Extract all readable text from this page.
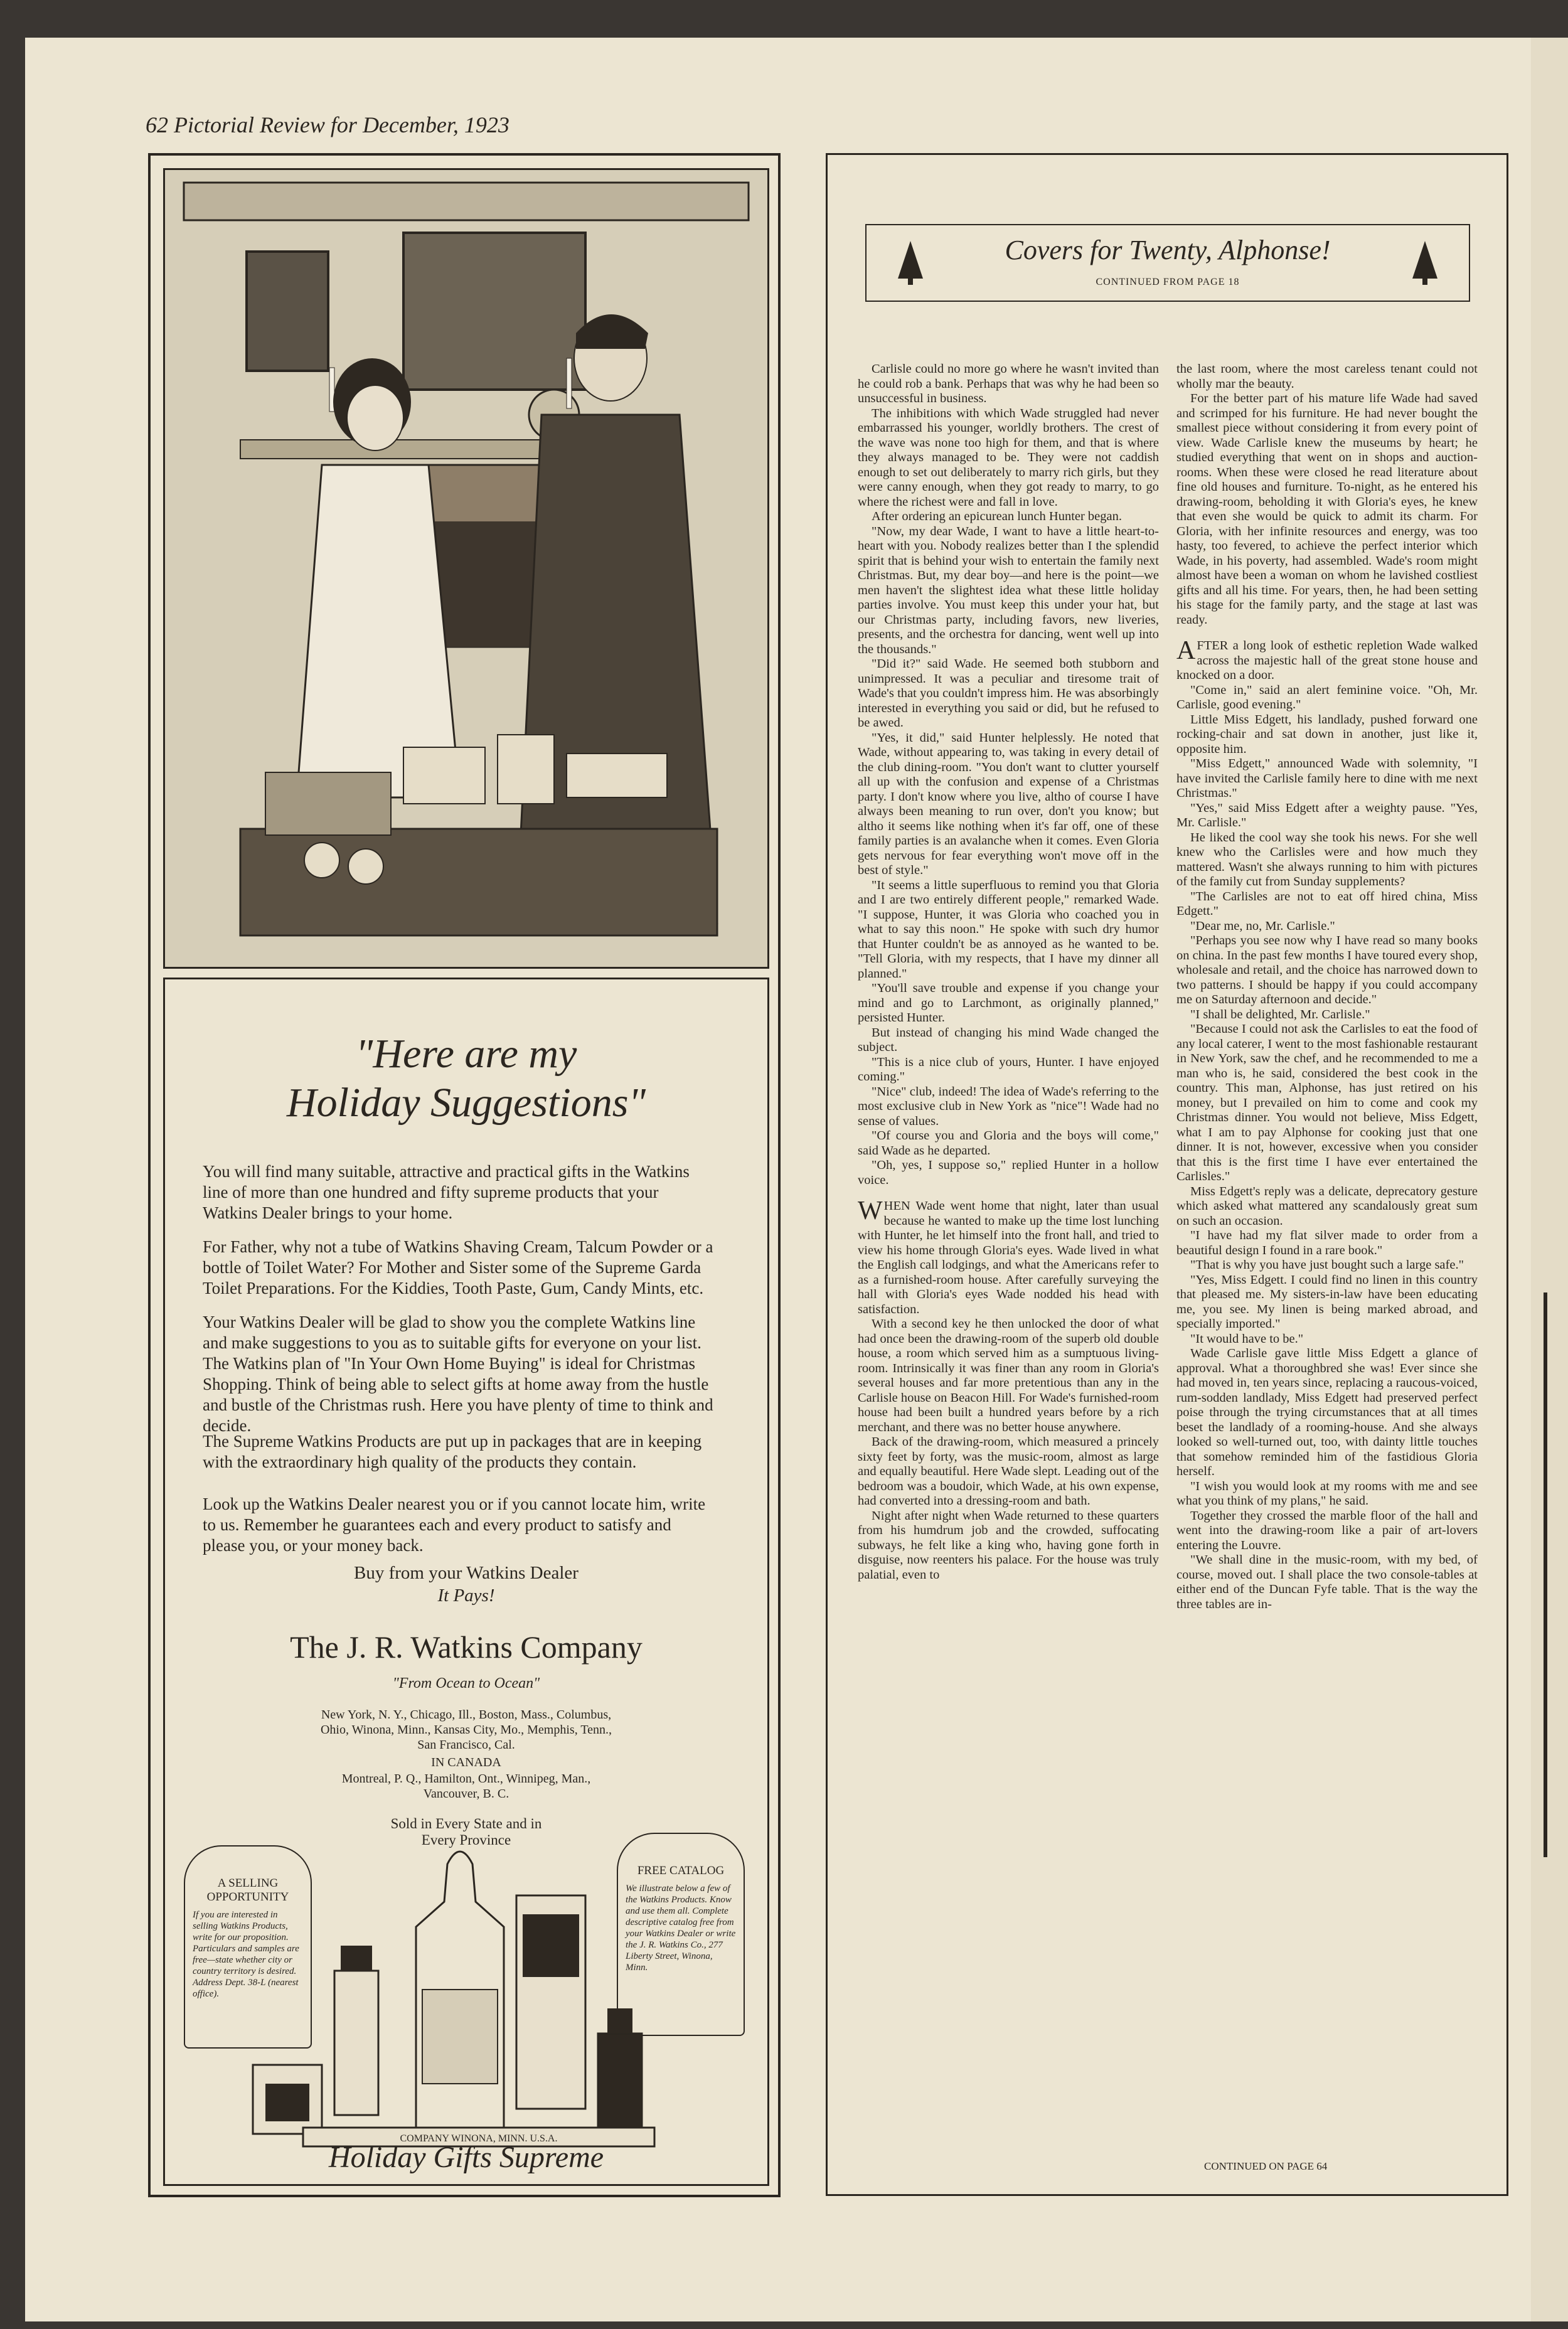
62 Pictorial Review for December, 1923
"Here are my
Holiday Suggestions"
You will find many suitable, attractive and practical gifts in the Watkins line of more than one hundred and fifty supreme products that your Watkins Dealer brings to your home.
For Father, why not a tube of Watkins Shaving Cream, Talcum Powder or a bottle of Toilet Water? For Mother and Sister some of the Supreme Garda Toilet Preparations. For the Kiddies, Tooth Paste, Gum, Candy Mints, etc.
Your Watkins Dealer will be glad to show you the complete Watkins line and make suggestions to you as to suitable gifts for everyone on your list. The Watkins plan of "In Your Own Home Buying" is ideal for Christmas Shopping. Think of being able to select gifts at home away from the hustle and bustle of the Christmas rush. Here you have plenty of time to think and decide.
The Supreme Watkins Products are put up in packages that are in keeping with the extraordinary high quality of the products they contain.
Look up the Watkins Dealer nearest you or if you cannot locate him, write to us. Remember he guarantees each and every product to satisfy and please you, or your money back.
Buy from your Watkins Dealer
It Pays!
The J. R. Watkins Company
"From Ocean to Ocean"
New York, N. Y., Chicago, Ill., Boston, Mass., Columbus,
Ohio, Winona, Minn., Kansas City, Mo., Memphis, Tenn.,
San Francisco, Cal.
IN CANADA
Montreal, P. Q., Hamilton, Ont., Winnipeg, Man.,
Vancouver, B. C.
Sold in Every State and in
Every Province
A SELLING OPPORTUNITY
If you are interested in selling Watkins Products, write for our proposition. Particulars and samples are free—state whether city or country territory is desired. Address Dept. 38-L (nearest office).
FREE CATALOG
We illustrate below a few of the Watkins Products. Know and use them all. Complete descriptive catalog free from your Watkins Dealer or write the J. R. Watkins Co., 277 Liberty Street, Winona, Minn.
COMPANY WINONA, MINN. U.S.A.
Holiday Gifts Supreme
Covers for Twenty, Alphonse!
CONTINUED FROM PAGE 18

Carlisle could no more go where he wasn't invited than he could rob a bank. Perhaps that was why he had been so unsuccessful in business.

The inhibitions with which Wade struggled had never embarrassed his younger, worldly brothers. The crest of the wave was none too high for them, and that is where they always managed to be. They were not caddish enough to set out deliberately to marry rich girls, but they were canny enough, when they got ready to marry, to go where the richest were and fall in love.

After ordering an epicurean lunch Hunter began.

"Now, my dear Wade, I want to have a little heart-to-heart with you. Nobody realizes better than I the splendid spirit that is behind your wish to entertain the family next Christmas. But, my dear boy—and here is the point—we men haven't the slightest idea what these little holiday parties involve. You must keep this under your hat, but our Christmas party, including favors, new liveries, presents, and the orchestra for dancing, went well up into the thousands."

"Did it?" said Wade. He seemed both stubborn and unimpressed. It was a peculiar and tiresome trait of Wade's that you couldn't impress him. He was absorbingly interested in everything you said or did, but he refused to be awed.

"Yes, it did," said Hunter helplessly. He noted that Wade, without appearing to, was taking in every detail of the club dining-room. "You don't want to clutter yourself all up with the confusion and expense of a Christmas party. I don't know where you live, altho of course I have always been meaning to run over, don't you know; but altho it seems like nothing when it's far off, one of these family parties is an avalanche when it comes. Even Gloria gets nervous for fear everything won't move off in the best of style."

"It seems a little superfluous to remind you that Gloria and I are two entirely different people," remarked Wade. "I suppose, Hunter, it was Gloria who coached you in what to say this noon." He spoke with such dry humor that Hunter couldn't be as annoyed as he wanted to be. "Tell Gloria, with my respects, that I have my dinner all planned."

"You'll save trouble and expense if you change your mind and go to Larchmont, as originally planned," persisted Hunter.

But instead of changing his mind Wade changed the subject.

"This is a nice club of yours, Hunter. I have enjoyed coming."

"Nice" club, indeed! The idea of Wade's referring to the most exclusive club in New York as "nice"! Wade had no sense of values.

"Of course you and Gloria and the boys will come," said Wade as he departed.

"Oh, yes, I suppose so," replied Hunter in a hollow voice.

WHEN Wade went home that night, later than usual because he wanted to make up the time lost lunching with Hunter, he let himself into the front hall, and tried to view his home through Gloria's eyes. Wade lived in what the English call lodgings, and what the Americans refer to as a furnished-room house. After carefully surveying the hall with Gloria's eyes Wade nodded his head with satisfaction.

With a second key he then unlocked the door of what had once been the drawing-room of the superb old double house, a room which served him as a sumptuous living-room. Intrinsically it was finer than any room in Gloria's several houses and far more pretentious than any in the Carlisle house on Beacon Hill. For Wade's furnished-room house had been built a hundred years before by a rich merchant, and there was no better house anywhere.

Back of the drawing-room, which measured a princely sixty feet by forty, was the music-room, almost as large and equally beautiful. Here Wade slept. Leading out of the bedroom was a boudoir, which Wade, at his own expense, had converted into a dressing-room and bath.

Night after night when Wade returned to these quarters from his humdrum job and the crowded, suffocating subways, he felt like a king who, having gone forth in disguise, now reenters his palace. For the house was truly palatial, even to

the last room, where the most careless tenant could not wholly mar the beauty.

For the better part of his mature life Wade had saved and scrimped for his furniture. He had never bought the smallest piece without considering it from every point of view. Wade Carlisle knew the museums by heart; he studied everything that went on in shops and auction-rooms. When these were closed he read literature about fine old houses and furniture. To-night, as he entered his drawing-room, beholding it with Gloria's eyes, he knew that even she would be quick to admit its charm. For Gloria, with her infinite resources and energy, was too hasty, too fevered, to achieve the perfect interior which Wade, in his poverty, had assembled. Wade's room might almost have been a woman on whom he lavished costliest gifts and all his time. For years, then, he had been setting his stage for the family party, and the stage at last was ready.

AFTER a long look of esthetic repletion Wade walked across the majestic hall of the great stone house and knocked on a door.

"Come in," said an alert feminine voice. "Oh, Mr. Carlisle, good evening."

Little Miss Edgett, his landlady, pushed forward one rocking-chair and sat down in another, just like it, opposite him.

"Miss Edgett," announced Wade with solemnity, "I have invited the Carlisle family here to dine with me next Christmas."

"Yes," said Miss Edgett after a weighty pause. "Yes, Mr. Carlisle."

He liked the cool way she took his news. For she well knew who the Carlisles were and how much they mattered. Wasn't she always running to him with pictures of the family cut from Sunday supplements?

"The Carlisles are not to eat off hired china, Miss Edgett."

"Dear me, no, Mr. Carlisle."

"Perhaps you see now why I have read so many books on china. In the past few months I have toured every shop, wholesale and retail, and the choice has narrowed down to two patterns. I should be happy if you could accompany me on Saturday afternoon and decide."

"I shall be delighted, Mr. Carlisle."

"Because I could not ask the Carlisles to eat the food of any local caterer, I went to the most fashionable restaurant in New York, saw the chef, and he recommended to me a man who is, he said, considered the best cook in the country. This man, Alphonse, has just retired on his money, but I prevailed on him to come and cook my Christmas dinner. You would not believe, Miss Edgett, what I am to pay Alphonse for cooking just that one dinner. It is not, however, excessive when you consider that this is the first time I have ever entertained the Carlisles."

Miss Edgett's reply was a delicate, deprecatory gesture which asked what mattered any scandalously great sum on such an occasion.

"I have had my flat silver made to order from a beautiful design I found in a rare book."

"That is why you have just bought such a large safe."

"Yes, Miss Edgett. I could find no linen in this country that pleased me. My sisters-in-law have been educating me, you see. My linen is being marked abroad, and specially imported."

"It would have to be."

Wade Carlisle gave little Miss Edgett a glance of approval. What a thoroughbred she was! Ever since she had moved in, ten years since, replacing a raucous-voiced, rum-sodden landlady, Miss Edgett had preserved perfect poise through the trying circumstances that at all times beset the landlady of a rooming-house. And she always looked so well-turned out, too, with dainty little touches that somehow reminded him of the fastidious Gloria herself.

"I wish you would look at my rooms with me and see what you think of my plans," he said.

Together they crossed the marble floor of the hall and went into the drawing-room like a pair of art-lovers entering the Louvre.

"We shall dine in the music-room, with my bed, of course, moved out. I shall place the two console-tables at either end of the Duncan Fyfe table. That is the way the three tables are in-

CONTINUED ON PAGE 64
